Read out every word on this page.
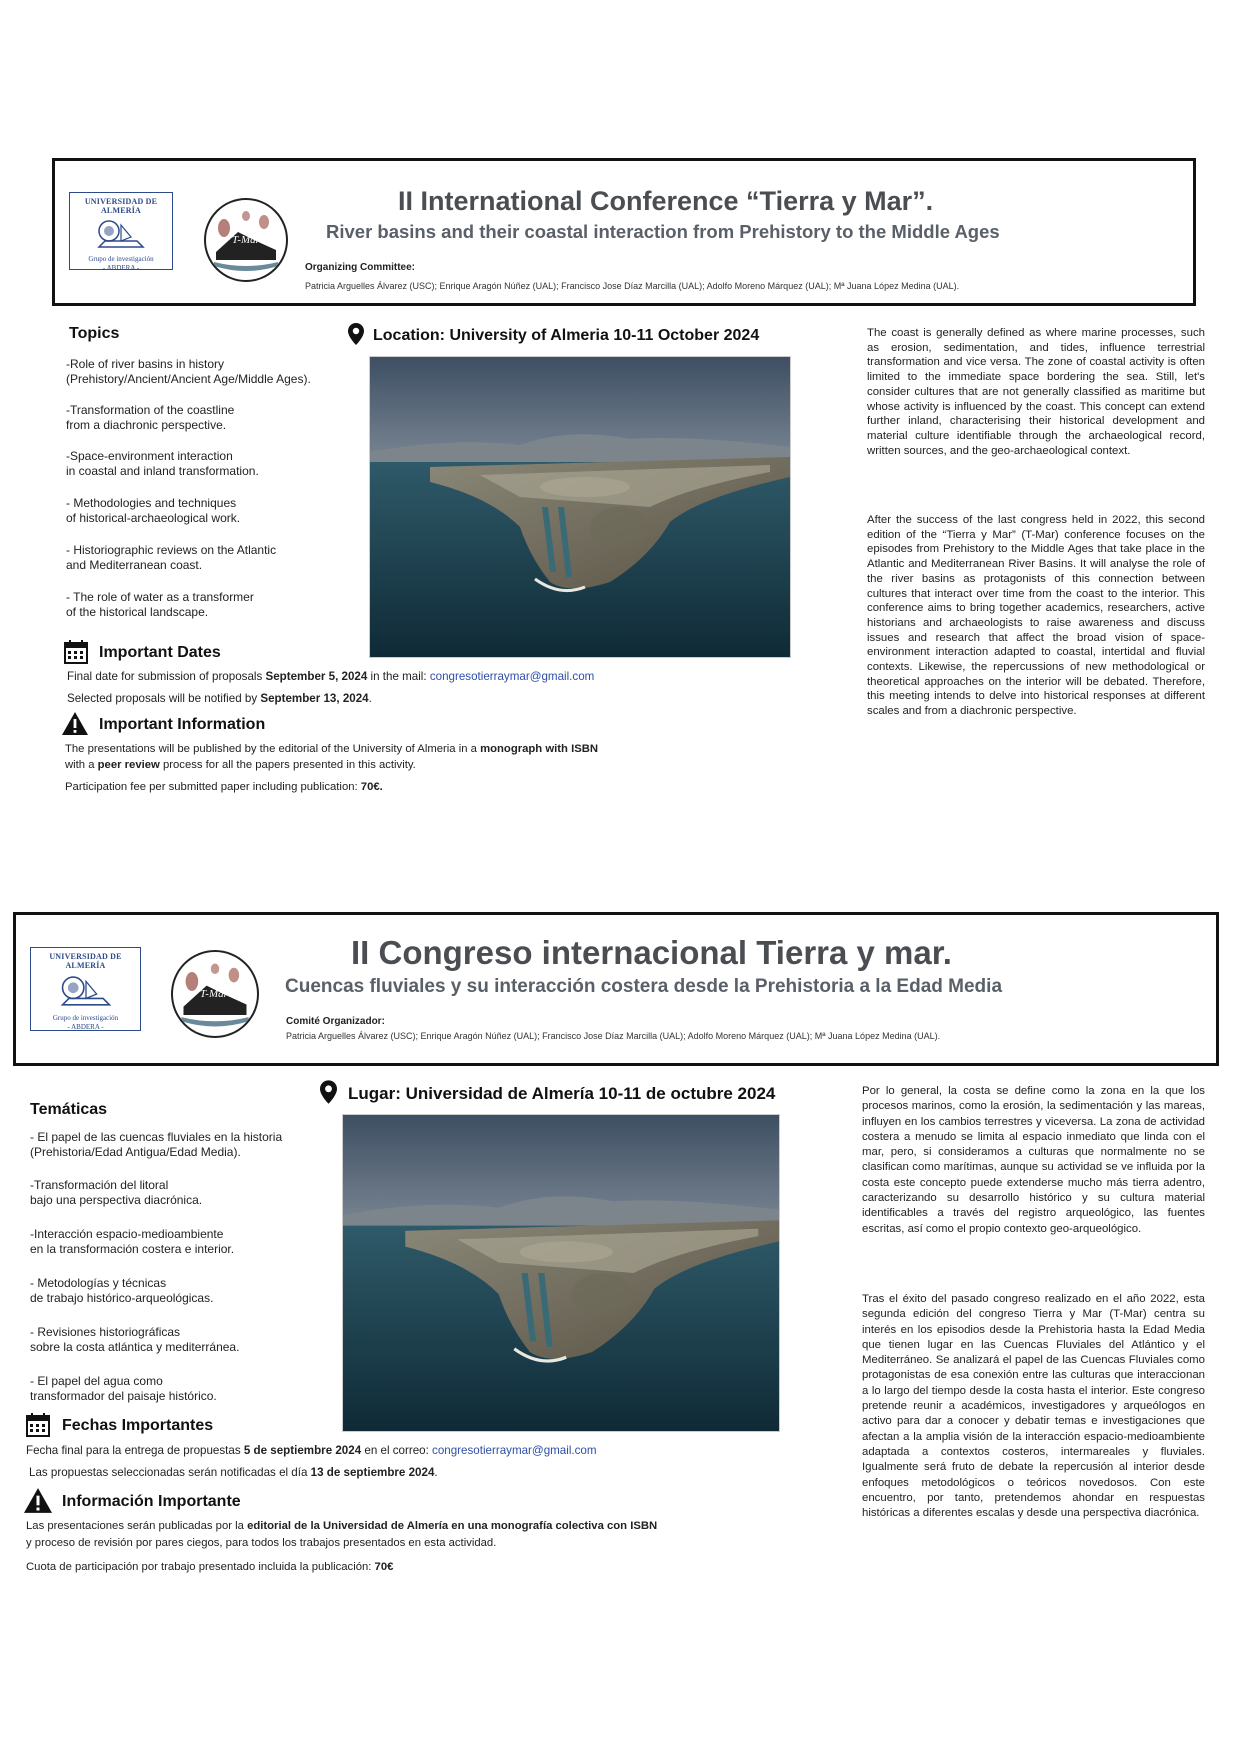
UNIVERSIDAD DE ALMERÍA
Grupo de investigación
- ABDERA -
T-Mar
II International Conference “Tierra y Mar”.
River basins and their coastal interaction from Prehistory to the Middle Ages
Organizing Committee:
Patricia Arguelles Álvarez (USC); Enrique Aragón Núñez (UAL); Francisco Jose Díaz Marcilla (UAL); Adolfo Moreno Márquez (UAL); Mª Juana López Medina (UAL).
Topics
-Role of river basins in history
(Prehistory/Ancient/Ancient Age/Middle Ages).
-Transformation of the coastline
from a diachronic perspective.
-Space-environment interaction
in coastal and inland transformation.
- Methodologies and techniques
of historical-archaeological work.
- Historiographic reviews on the Atlantic
and Mediterranean coast.
- The role of water as a transformer
of the historical landscape.
Location: University of Almeria 10-11 October 2024
Important Dates
Final date for submission of proposals September 5, 2024 in the mail: congresotierraymar@gmail.com
Selected proposals will be notified by September 13, 2024.
Important Information
The presentations will be published by the editorial of the University of Almeria in a monograph with ISBN
with a peer review process for all the papers presented in this activity.
Participation fee per submitted paper including publication: 70€.
The coast is generally defined as where marine processes, such as erosion, sedimentation, and tides, influence terrestrial transformation and vice versa. The zone of coastal activity is often limited to the immediate space bordering the sea. Still, let's consider cultures that are not generally classified as maritime but whose activity is influenced by the coast. This concept can extend further inland, characterising their historical development and material culture identifiable through the archaeological record, written sources, and the geo-archaeological context.
After the success of the last congress held in 2022, this second edition of the “Tierra y Mar” (T-Mar) conference focuses on the episodes from Prehistory to the Middle Ages that take place in the Atlantic and Mediterranean River Basins. It will analyse the role of the river basins as protagonists of this connection between cultures that interact over time from the coast to the interior. This conference aims to bring together academics, researchers, active historians and archaeologists to raise awareness and discuss issues and research that affect the broad vision of space-environment interaction adapted to coastal, intertidal and fluvial contexts. Likewise, the repercussions of new methodological or theoretical approaches on the interior will be debated. Therefore, this meeting intends to delve into historical responses at different scales and from a diachronic perspective.
UNIVERSIDAD DE ALMERÍA
Grupo de investigación
- ABDERA -
T-Mar
II Congreso internacional Tierra y mar.
Cuencas fluviales y su interacción costera desde la Prehistoria a la Edad Media
Comité Organizador:
Patricia Arguelles Álvarez (USC); Enrique Aragón Núñez (UAL); Francisco Jose Díaz Marcilla (UAL); Adolfo Moreno Márquez (UAL); Mª Juana López Medina (UAL).
Temáticas
- El papel de las cuencas fluviales en la historia
(Prehistoria/Edad Antigua/Edad Media).
-Transformación del litoral
bajo una perspectiva diacrónica.
-Interacción espacio-medioambiente
en la transformación costera e interior.
- Metodologías y técnicas
de trabajo histórico-arqueológicas.
- Revisiones historiográficas
sobre la costa atlántica y mediterránea.
- El papel del agua como
transformador del paisaje histórico.
Lugar: Universidad de Almería 10-11 de octubre 2024
Fechas Importantes
Fecha final para la entrega de propuestas 5 de septiembre 2024 en el correo: congresotierraymar@gmail.com
Las propuestas seleccionadas serán notificadas el día 13 de septiembre 2024.
Información Importante
Las presentaciones serán publicadas por la editorial de la Universidad de Almería en una monografía colectiva con ISBN
y proceso de revisión por pares ciegos, para todos los trabajos presentados en esta actividad.
Cuota de participación por trabajo presentado incluida la publicación: 70€
Por lo general, la costa se define como la zona en la que los procesos marinos, como la erosión, la sedimentación y las mareas, influyen en los cambios terrestres y viceversa. La zona de actividad costera a menudo se limita al espacio inmediato que linda con el mar, pero, si consideramos a culturas que normalmente no se clasifican como marítimas, aunque su actividad se ve influida por la costa este concepto puede extenderse mucho más tierra adentro, caracterizando su desarrollo histórico y su cultura material identificables a través del registro arqueológico, las fuentes escritas, así como el propio contexto geo-arqueológico.
Tras el éxito del pasado congreso realizado en el año 2022, esta segunda edición del congreso Tierra y Mar (T-Mar) centra su interés en los episodios desde la Prehistoria hasta la Edad Media que tienen lugar en las Cuencas Fluviales del Atlántico y el Mediterráneo. Se analizará el papel de las Cuencas Fluviales como protagonistas de esa conexión entre las culturas que interaccionan a lo largo del tiempo desde la costa hasta el interior. Este congreso pretende reunir a académicos, investigadores y arqueólogos en activo para dar a conocer y debatir temas e investigaciones que afectan a la amplia visión de la interacción espacio-medioambiente adaptada a contextos costeros, intermareales y fluviales. Igualmente será fruto de debate la repercusión al interior desde enfoques metodológicos o teóricos novedosos. Con este encuentro, por tanto, pretendemos ahondar en respuestas históricas a diferentes escalas y desde una perspectiva diacrónica.
